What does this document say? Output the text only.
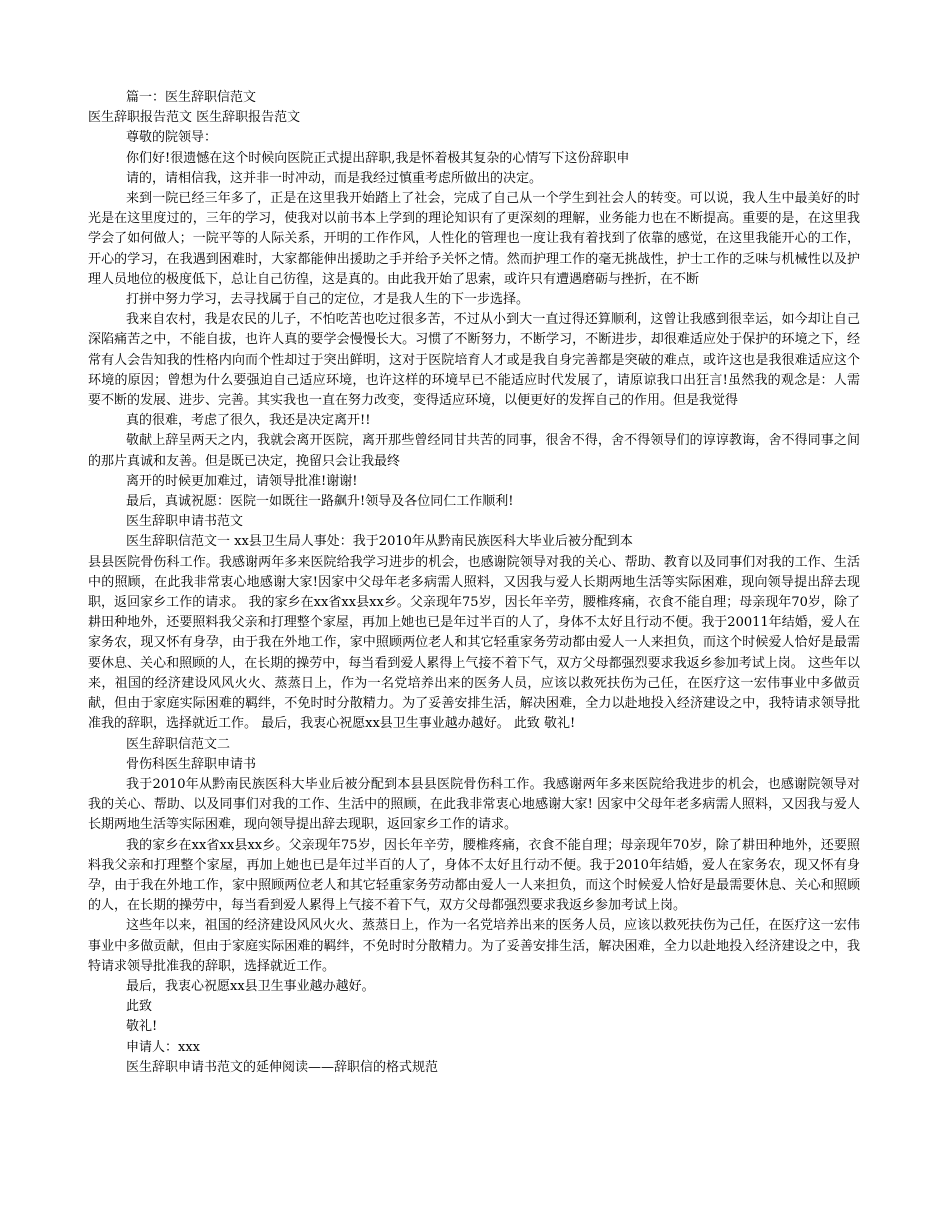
篇一：医生辞职信范文

医生辞职报告范文 医生辞职报告范文

尊敬的院领导：

你们好!很遗憾在这个时候向医院正式提出辞职,我是怀着极其复杂的心情写下这份辞职申

请的，请相信我，这并非一时冲动，而是我经过慎重考虑所做出的决定。

来到一院已经三年多了，正是在这里我开始踏上了社会，完成了自己从一个学生到社会人的转变。可以说，我人生中最美好的时光是在这里度过的，三年的学习，使我对以前书本上学到的理论知识有了更深刻的理解，业务能力也在不断提高。重要的是，在这里我学会了如何做人；一院平等的人际关系，开明的工作作风，人性化的管理也一度让我有着找到了依靠的感觉，在这里我能开心的工作，开心的学习，在我遇到困难时，大家都能伸出援助之手并给予关怀之情。然而护理工作的毫无挑战性，护士工作的乏味与机械性以及护理人员地位的极度低下，总让自己彷徨，这是真的。由此我开始了思索，或许只有遭遇磨砺与挫折，在不断

打拼中努力学习，去寻找属于自己的定位，才是我人生的下一步选择。

我来自农村，我是农民的儿子，不怕吃苦也吃过很多苦，不过从小到大一直过得还算顺利，这曾让我感到很幸运，如今却让自己深陷痛苦之中，不能自拔，也许人真的要学会慢慢长大。习惯了不断努力，不断学习，不断进步，却很难适应处于保护的环境之下，经常有人会告知我的性格内向而个性却过于突出鲜明，这对于医院培育人才或是我自身完善都是突破的难点，或许这也是我很难适应这个环境的原因；曾想为什么要强迫自己适应环境，也许这样的环境早已不能适应时代发展了，请原谅我口出狂言!虽然我的观念是：人需要不断的发展、进步、完善。其实我也一直在努力改变，变得适应环境，以便更好的发挥自己的作用。但是我觉得

真的很难，考虑了很久，我还是决定离开!!

敬献上辞呈两天之内，我就会离开医院，离开那些曾经同甘共苦的同事，很舍不得，舍不得领导们的谆谆教诲，舍不得同事之间的那片真诚和友善。但是既已决定，挽留只会让我最终

离开的时候更加难过，请领导批准!谢谢!

最后，真诚祝愿：医院一如既往一路飙升!领导及各位同仁工作顺利!

医生辞职申请书范文

医生辞职信范文一 xx县卫生局人事处：我于2010年从黔南民族医科大毕业后被分配到本

县县医院骨伤科工作。我感谢两年多来医院给我学习进步的机会，也感谢院领导对我的关心、帮助、教育以及同事们对我的工作、生活中的照顾，在此我非常衷心地感谢大家!因家中父母年老多病需人照料，又因我与爱人长期两地生活等实际困难，现向领导提出辞去现职，返回家乡工作的请求。 我的家乡在xx省xx县xx乡。父亲现年75岁，因长年辛劳，腰椎疼痛，衣食不能自理；母亲现年70岁，除了耕田种地外，还要照料我父亲和打理整个家屋，再加上她也已是年过半百的人了，身体不太好且行动不便。我于20011年结婚，爱人在家务农，现又怀有身孕，由于我在外地工作，家中照顾两位老人和其它轻重家务劳动都由爱人一人来担负，而这个时候爱人恰好是最需要休息、关心和照顾的人，在长期的操劳中，每当看到爱人累得上气接不着下气，双方父母都强烈要求我返乡参加考试上岗。 这些年以来，祖国的经济建设风风火火、蒸蒸日上，作为一名党培养出来的医务人员，应该以救死扶伤为己任，在医疗这一宏伟事业中多做贡献，但由于家庭实际困难的羁绊，不免时时分散精力。为了妥善安排生活，解决困难，全力以赴地投入经济建设之中，我特请求领导批准我的辞职，选择就近工作。 最后，我衷心祝愿xx县卫生事业越办越好。 此致 敬礼!

医生辞职信范文二

骨伤科医生辞职申请书

我于2010年从黔南民族医科大毕业后被分配到本县县医院骨伤科工作。我感谢两年多来医院给我进步的机会，也感谢院领导对我的关心、帮助、以及同事们对我的工作、生活中的照顾，在此我非常衷心地感谢大家! 因家中父母年老多病需人照料，又因我与爱人长期两地生活等实际困难，现向领导提出辞去现职，返回家乡工作的请求。

我的家乡在xx省xx县xx乡。父亲现年75岁，因长年辛劳，腰椎疼痛，衣食不能自理；母亲现年70岁，除了耕田种地外，还要照料我父亲和打理整个家屋，再加上她也已是年过半百的人了，身体不太好且行动不便。我于2010年结婚，爱人在家务农，现又怀有身孕，由于我在外地工作，家中照顾两位老人和其它轻重家务劳动都由爱人一人来担负，而这个时候爱人恰好是最需要休息、关心和照顾的人，在长期的操劳中，每当看到爱人累得上气接不着下气，双方父母都强烈要求我返乡参加考试上岗。

这些年以来，祖国的经济建设风风火火、蒸蒸日上，作为一名党培养出来的医务人员，应该以救死扶伤为己任，在医疗这一宏伟事业中多做贡献，但由于家庭实际困难的羁绊，不免时时分散精力。为了妥善安排生活，解决困难，全力以赴地投入经济建设之中，我特请求领导批准我的辞职，选择就近工作。

最后，我衷心祝愿xx县卫生事业越办越好。

此致

敬礼!

申请人：xxx

医生辞职申请书范文的延伸阅读——辞职信的格式规范
